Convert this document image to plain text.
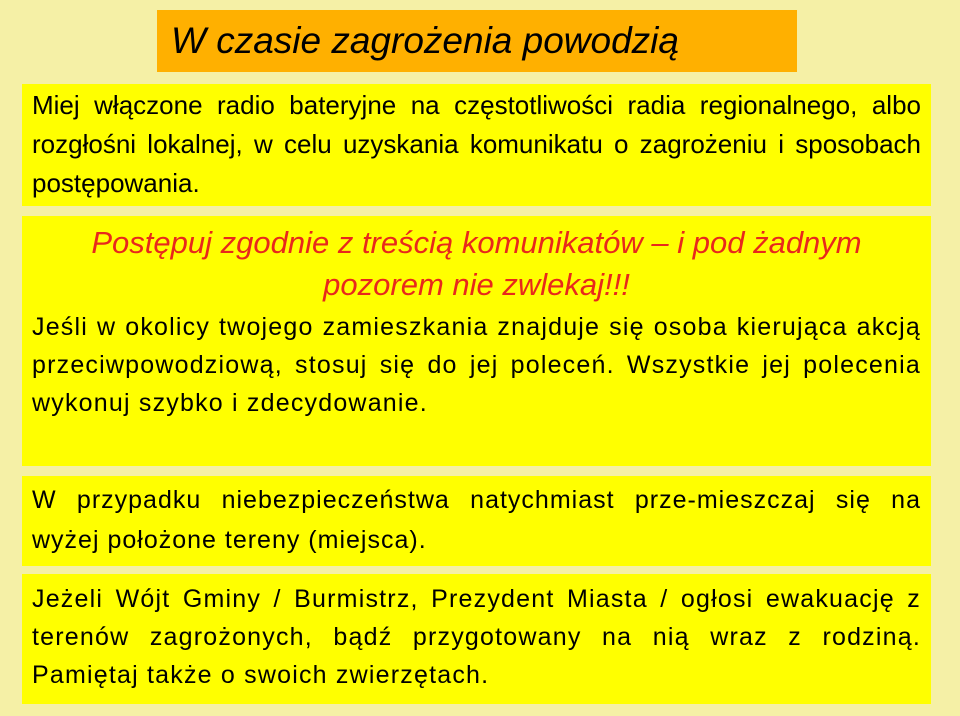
W czasie zagrożenia powodzią

Miej włączone radio bateryjne na częstotliwości radia regionalnego, albo rozgłośni lokalnej, w celu uzyskania komunikatu o zagrożeniu i sposobach postępowania.

Postępuj zgodnie z treścią komunikatów – i pod żadnym pozorem nie zwlekaj!!!

Jeśli w okolicy twojego zamieszkania znajduje się osoba kierująca akcją przeciwpowodziową, stosuj się do jej poleceń. Wszystkie jej polecenia wykonuj szybko i zdecydowanie.

W przypadku niebezpieczeństwa natychmiast prze-mieszczaj się na wyżej położone tereny (miejsca).

Jeżeli Wójt Gminy / Burmistrz, Prezydent Miasta / ogłosi ewakuację z terenów zagrożonych, bądź przygotowany na nią wraz z rodziną. Pamiętaj także o swoich zwierzętach.
